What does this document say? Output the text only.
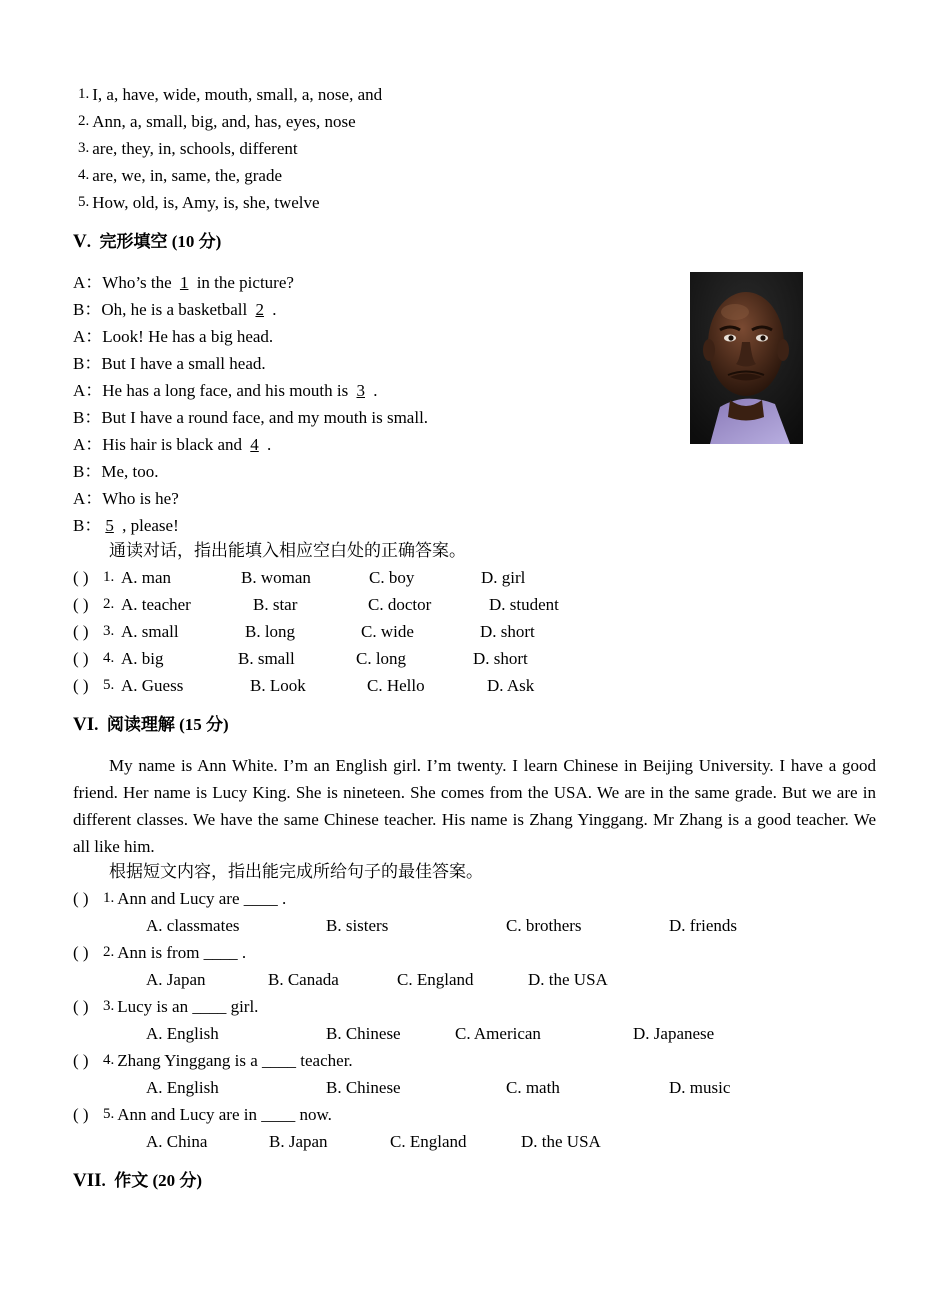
1. I, a, have, wide, mouth, small, a, nose, and
2. Ann, a, small, big, and, has, eyes, nose
3. are, they, in, schools, different
4. are, we, in, same, the, grade
5. How, old, is, Amy, is, she, twelve
V. 完形填空 (10 分)
A：Who’s the 1 in the picture?
B：Oh, he is a basketball 2 .
A：Look! He has a big head.
B：But I have a small head.
A：He has a long face, and his mouth is 3 .
B：But I have a round face, and my mouth is small.
A：His hair is black and 4 .
B：Me, too.
A：Who is he?
B： 5 , please!
通读对话，指出能填入相应空白处的正确答案。
( ) 1. A. man	B. woman	C. boy	D. girl
( ) 2. A. teacher	B. star	C. doctor	D. student
( ) 3. A. small	B. long	C. wide	D. short
( ) 4. A. big	B. small	C. long	D. short
( ) 5. A. Guess	B. Look	C. Hello	D. Ask
VI. 阅读理解 (15 分)
My name is Ann White. I’m an English girl. I’m twenty. I learn Chinese in Beijing University. I have a good friend. Her name is Lucy King. She is nineteen. She comes from the USA. We are in the same grade. But we are in different classes. We have the same Chinese teacher. His name is Zhang Yinggang. Mr Zhang is a good teacher. We all like him.
根据短文内容，指出能完成所给句子的最佳答案。
( ) 1. Ann and Lucy are ____ .
A. classmates	B. sisters	C. brothers	D. friends
( ) 2. Ann is from ____ .
A. Japan	B. Canada	C. England	D. the USA
( ) 3. Lucy is an ____ girl.
A. English	B. Chinese	C. American	D. Japanese
( ) 4. Zhang Yinggang is a ____ teacher.
A. English	B. Chinese	C. math	D. music
( ) 5. Ann and Lucy are in ____ now.
A. China	B. Japan	C. England	D. the USA
VII. 作文 (20 分)
